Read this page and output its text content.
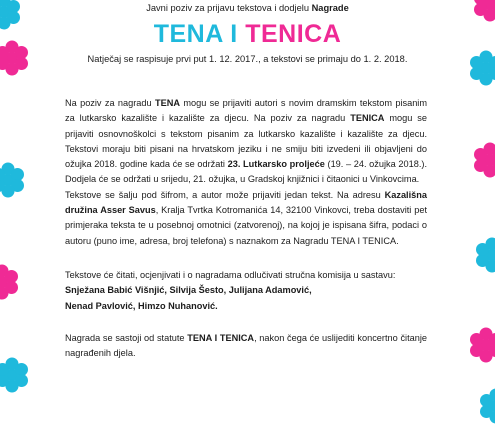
Javni poziv za prijavu tekstova i dodjelu Nagrade
TENA I TENICA
Natječaj se raspisuje prvi put 1. 12. 2017., a tekstovi se primaju do 1. 2. 2018.
Na poziv za nagradu TENA mogu se prijaviti autori s novim dramskim tekstom pisanim za lutkarsko kazalište i kazalište za djecu. Na poziv za nagradu TENICA mogu se prijaviti osnovnoškolci s tekstom pisanim za lutkarsko kazalište i kazalište za djecu. Tekstovi moraju biti pisani na hrvatskom jeziku i ne smiju biti izvedeni ili objavljeni do ožujka 2018. godine kada će se održati 23. Lutkarsko proljeće (19. – 24. ožujka 2018.). Dodjela će se održati u srijedu, 21. ožujka, u Gradskoj knjižnici i čitaonici u Vinkovcima.
Tekstove se šalju pod šifrom, a autor može prijaviti jedan tekst. Na adresu Kazališna družina Asser Savus, Kralja Tvrtka Kotromanića 14, 32100 Vinkovci, treba dostaviti pet primjeraka teksta te u posebnoj omotnici (zatvorenoj), na kojoj je ispisana šifra, podaci o autoru (puno ime, adresa, broj telefona) s naznakom za Nagradu TENA I TENICA.
Tekstove će čitati, ocjenjivati i o nagradama odlučivati stručna komisija u sastavu:
Snježana Babić Višnjić, Silvija Šesto, Julijana Adamović,
Nenad Pavlović, Himzo Nuhanović.
Nagrada se sastoji od statute TENA I TENICA, nakon čega će uslijediti koncertno čitanje nagrađenih djela.
